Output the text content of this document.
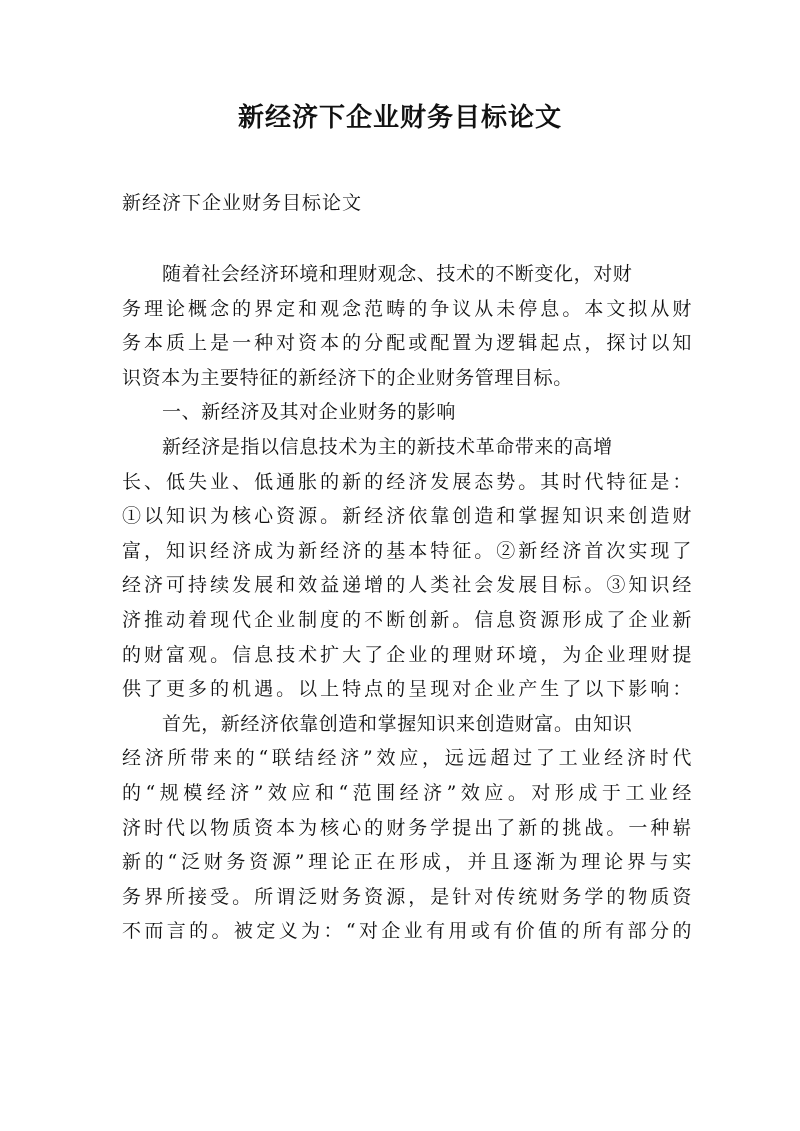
新经济下企业财务目标论文

新经济下企业财务目标论文

随着社会经济环境和理财观念、技术的不断变化，对财
务理论概念的界定和观念范畴的争议从未停息。本文拟从财
务本质上是一种对资本的分配或配置为逻辑起点，探讨以知
识资本为主要特征的新经济下的企业财务管理目标。
一、新经济及其对企业财务的影响
新经济是指以信息技术为主的新技术革命带来的高增
长、低失业、低通胀的新的经济发展态势。其时代特征是：
①以知识为核心资源。新经济依靠创造和掌握知识来创造财
富，知识经济成为新经济的基本特征。②新经济首次实现了
经济可持续发展和效益递增的人类社会发展目标。③知识经
济推动着现代企业制度的不断创新。信息资源形成了企业新
的财富观。信息技术扩大了企业的理财环境，为企业理财提
供了更多的机遇。以上特点的呈现对企业产生了以下影响：
首先，新经济依靠创造和掌握知识来创造财富。由知识
经济所带来的“联结经济”效应，远远超过了工业经济时代
的“规模经济”效应和“范围经济”效应。对形成于工业经
济时代以物质资本为核心的财务学提出了新的挑战。一种崭
新的“泛财务资源”理论正在形成，并且逐渐为理论界与实
务界所接受。所谓泛财务资源，是针对传统财务学的物质资
不而言的。被定义为：“对企业有用或有价值的所有部分的
